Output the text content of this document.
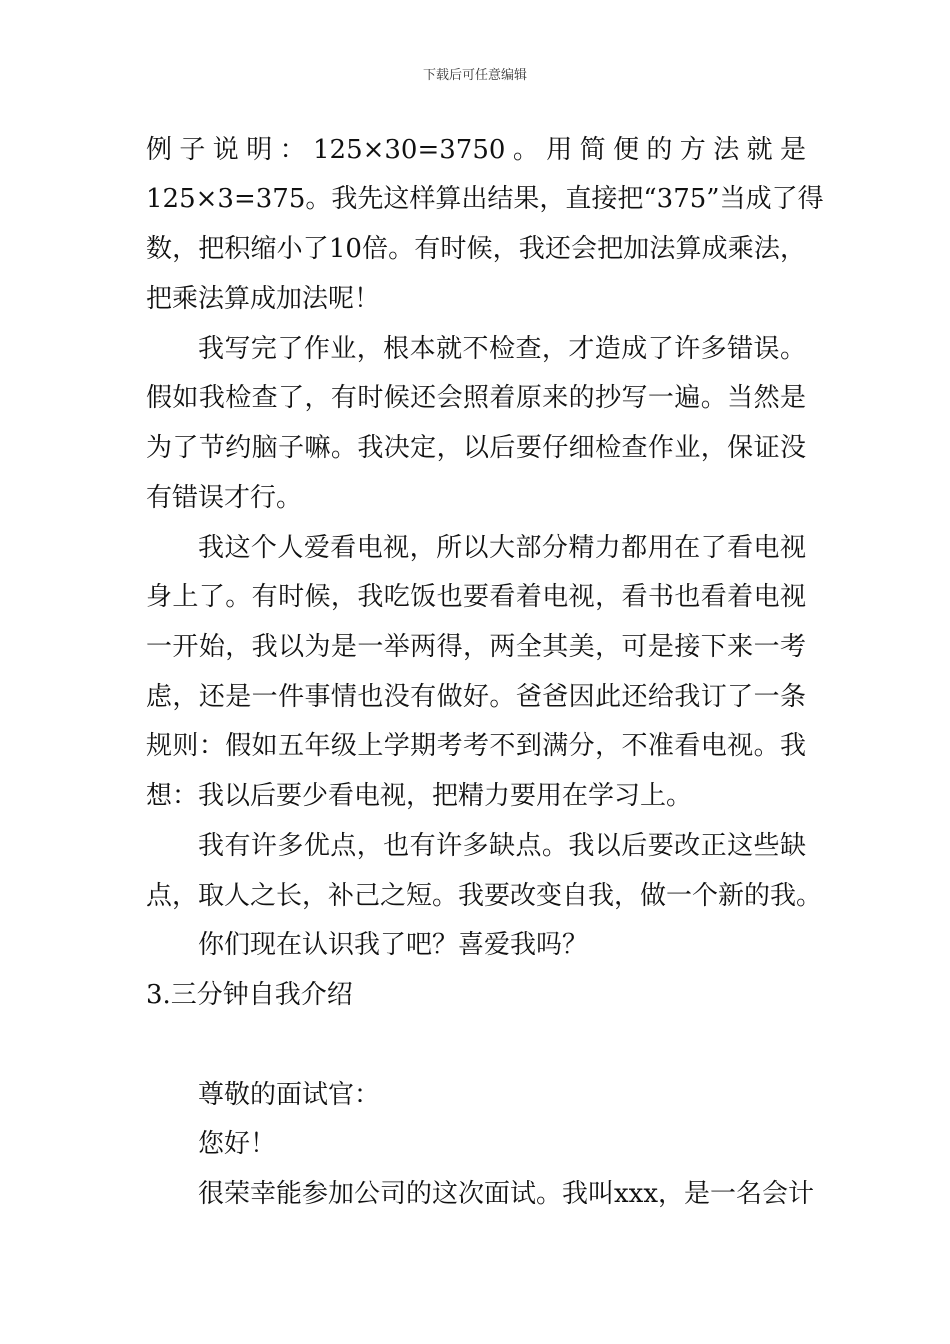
下载后可任意编辑
例子说明：125×30=3750。用简便的方法就是
125×3=375。我先这样算出结果，直接把“375”当成了得
数，把积缩小了10倍。有时候，我还会把加法算成乘法，
把乘法算成加法呢！
我写完了作业，根本就不检查，才造成了许多错误。
假如我检查了，有时候还会照着原来的抄写一遍。当然是
为了节约脑子嘛。我决定，以后要仔细检查作业，保证没
有错误才行。
我这个人爱看电视，所以大部分精力都用在了看电视
身上了。有时候，我吃饭也要看着电视，看书也看着电视
一开始，我以为是一举两得，两全其美，可是接下来一考
虑，还是一件事情也没有做好。爸爸因此还给我订了一条
规则：假如五年级上学期考考不到满分，不准看电视。我
想：我以后要少看电视，把精力要用在学习上。
我有许多优点，也有许多缺点。我以后要改正这些缺
点，取人之长，补己之短。我要改变自我，做一个新的我。
你们现在认识我了吧？喜爱我吗？
3.三分钟自我介绍
尊敬的面试官：
您好！
很荣幸能参加公司的这次面试。我叫xxx，是一名会计
